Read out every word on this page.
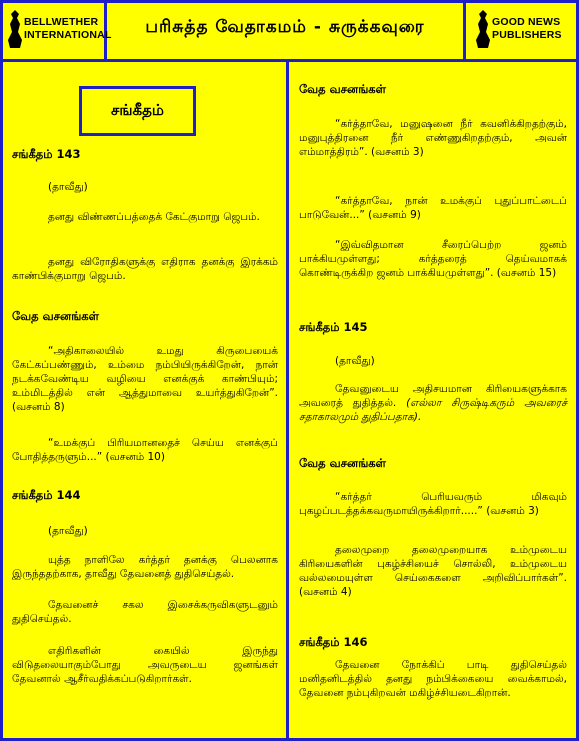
BELLWETHER
INTERNATIONAL	பரிசுத்த வேதாகமம் - சுருக்கவுரை	GOOD NEWS
PUBLISHERS
சங்கீதம்
சங்கீதம் 143
(தாவீது)
தனது விண்ணப்பத்தைக் கேட்குமாறு ஜெபம்.
தனது விரோதிகளுக்கு எதிராக தனக்கு இரக்கம் காண்பிக்குமாறு ஜெபம்.
வேத வசனங்கள்
“அதிகாலையில் உமது கிருபையைக் கேட்கப்பண்ணும், உம்மை நம்பியிருக்கிறேன், நான் நடக்கவேண்டிய வழியை எனக்குக் காண்பியும்; உம்மிடத்தில் என் ஆத்துமாவை உயர்த்துகிறேன்”. (வசனம் 8)
“உமக்குப் பிரியமானதைச் செய்ய எனக்குப் போதித்தருளும்...” (வசனம் 10)
சங்கீதம் 144
(தாவீது)
யுத்த நாளிலே கர்த்தர் தனக்கு பெலனாக இருந்ததற்காக, தாவீது தேவனைத் துதிசெய்தல்.
தேவனைச் சகல இசைக்கருவிகளுடனும் துதிசெய்தல்.
எதிரிகளின் கையில் இருந்து விடுதலையாகும்போது அவருடைய ஜனங்கள் தேவனால் ஆசீர்வதிக்கப்படுகிறார்கள்.
வேத வசனங்கள்
“கர்த்தாவே, மனுஷனை நீர் கவனிக்கிறதற்கும், மனுபுத்திரனை நீர் எண்ணுகிறதற்கும், அவன் எம்மாத்திரம்”. (வசனம் 3)
“கர்த்தாவே, நான் உமக்குப் புதுப்பாட்டைப் பாடுவேன்...” (வசனம் 9)
“இவ்விதமான சீரைப்பெற்ற ஜனம் பாக்கியமுள்ளது; கர்த்தரைத் தெய்வமாகக் கொண்டிருக்கிற ஜனம் பாக்கியமுள்ளது”. (வசனம் 15)
சங்கீதம் 145
(தாவீது)
தேவனுடைய அதிசயமான கிரியைகளுக்காக அவரைத் துதித்தல். (எல்லா சிருஷ்டிகரும் அவரைச் சதாகாலமும் துதிப்பதாக).
வேத வசனங்கள்
“கர்த்தர் பெரியவரும் மிகவும் புகழப்படத்தக்கவருமாயிருக்கிறார்.....” (வசனம் 3)
தலைமுறை தலைமுறையாக உம்முடைய கிரியைகளின் புகழ்ச்சியைச் சொல்லி, உம்முடைய வல்லமையுள்ள செய்கைகளை அறிவிப்பார்கள்”. (வசனம் 4)
சங்கீதம் 146
தேவனை நோக்கிப் பாடி துதிசெய்தல் மனிதனிடத்தில் தனது நம்பிக்கையை வைக்காமல், தேவனை நம்புகிறவன் மகிழ்ச்சியடைகிறான்.
